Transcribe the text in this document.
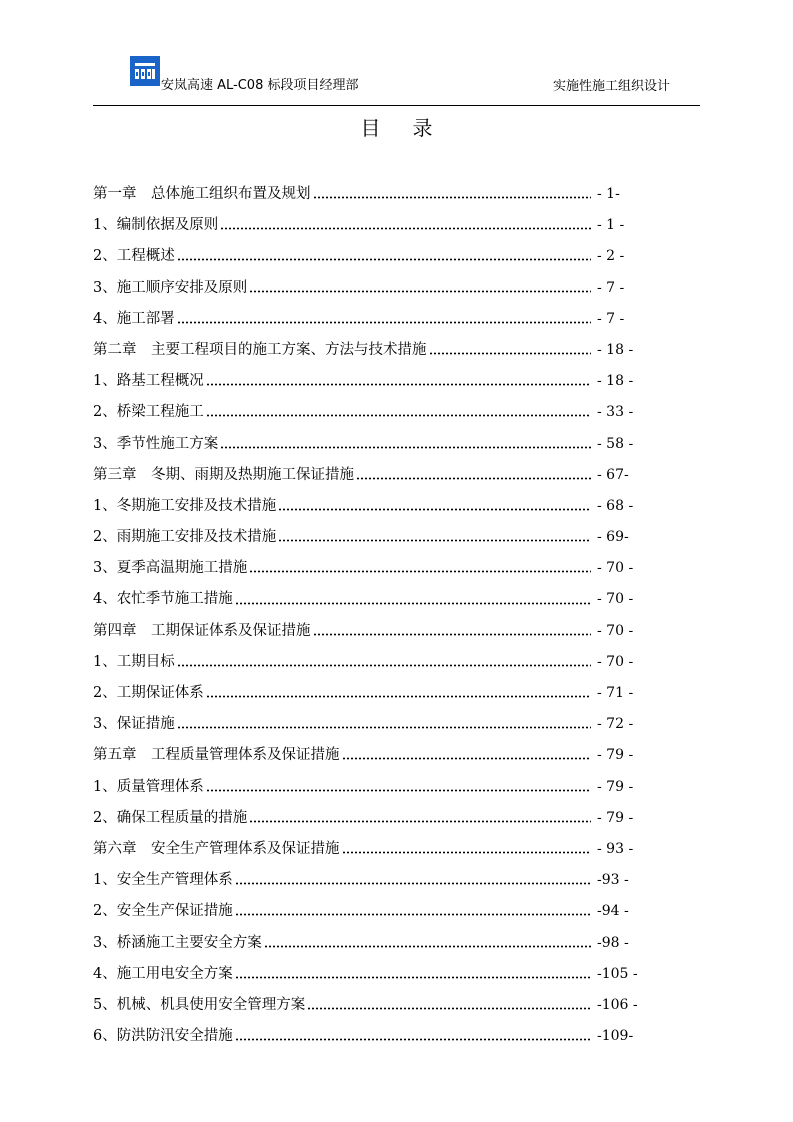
安岚高速 AL-C08 标段项目经理部	实施性施工组织设计
目录
第一章　总体施工组织布置及规划	- 1-
1、编制依据及原则	- 1 -
2、工程概述	- 2 -
3、施工顺序安排及原则	- 7 -
4、施工部署	- 7 -
第二章　主要工程项目的施工方案、方法与技术措施	- 18 -
1、路基工程概况	- 18 -
2、桥梁工程施工	- 33 -
3、季节性施工方案	- 58 -
第三章　冬期、雨期及热期施工保证措施	- 67-
1、冬期施工安排及技术措施	- 68 -
2、雨期施工安排及技术措施	- 69-
3、夏季高温期施工措施	- 70 -
4、农忙季节施工措施	- 70 -
第四章　工期保证体系及保证措施	- 70 -
1、工期目标	- 70 -
2、工期保证体系	- 71 -
3、保证措施	- 72 -
第五章　工程质量管理体系及保证措施	- 79 -
1、质量管理体系	- 79 -
2、确保工程质量的措施	- 79 -
第六章　安全生产管理体系及保证措施	- 93 -
1、安全生产管理体系	-93 -
2、安全生产保证措施	-94 -
3、桥涵施工主要安全方案	-98 -
4、施工用电安全方案	-105 -
5、机械、机具使用安全管理方案	-106 -
6、防洪防汛安全措施	-109-
